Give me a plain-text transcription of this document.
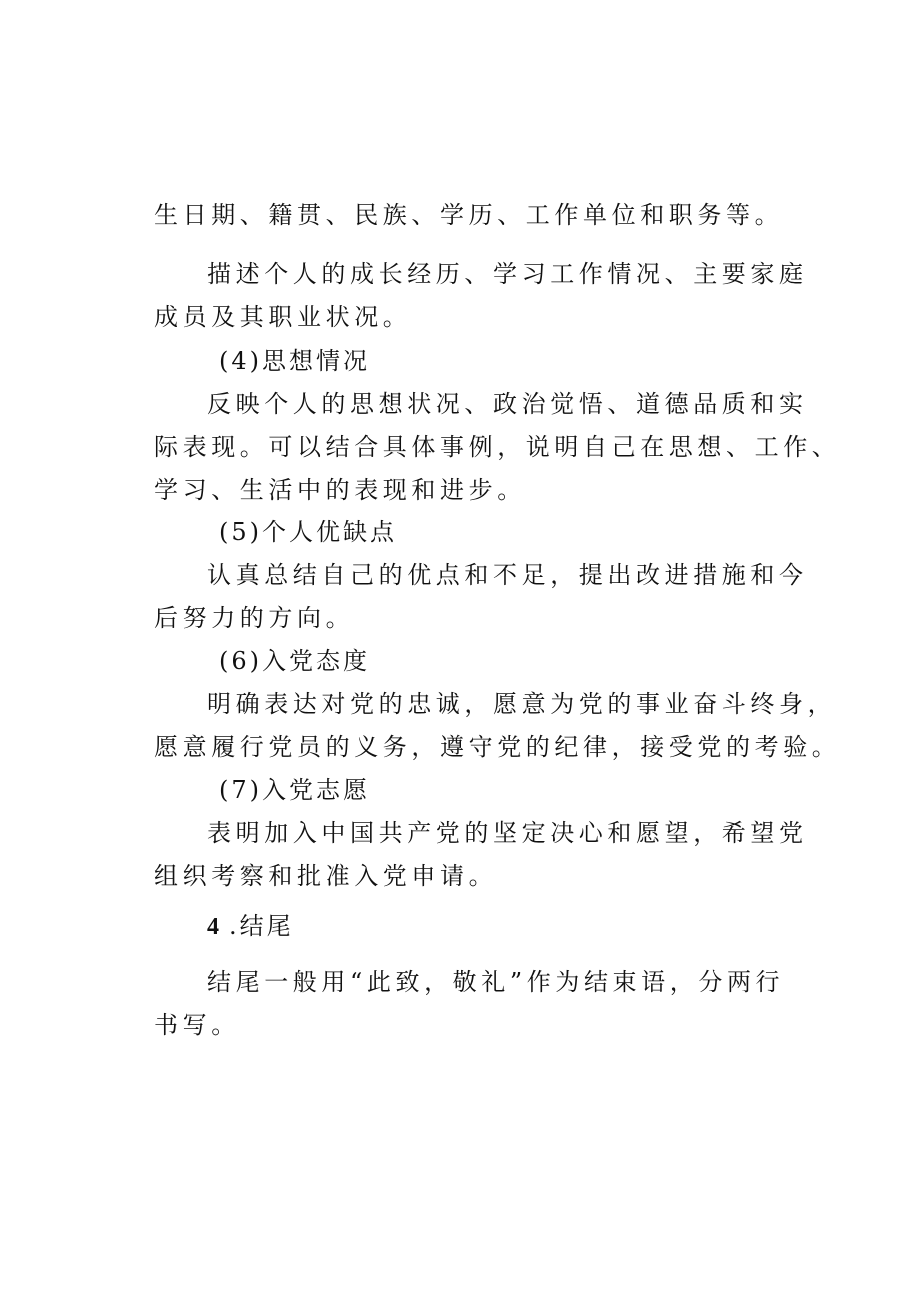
生日期、籍贯、民族、学历、工作单位和职务等。
描述个人的成长经历、学习工作情况、主要家庭
成员及其职业状况。
(4)思想情况
反映个人的思想状况、政治觉悟、道德品质和实
际表现。可以结合具体事例，说明自己在思想、工作、
学习、生活中的表现和进步。
(5)个人优缺点
认真总结自己的优点和不足，提出改进措施和今
后努力的方向。
(6)入党态度
明确表达对党的忠诚，愿意为党的事业奋斗终身，
愿意履行党员的义务，遵守党的纪律，接受党的考验。
(7)入党志愿
表明加入中国共产党的坚定决心和愿望，希望党
组织考察和批准入党申请。
4 .结尾
结尾一般用“此致，敬礼”作为结束语，分两行
书写。
